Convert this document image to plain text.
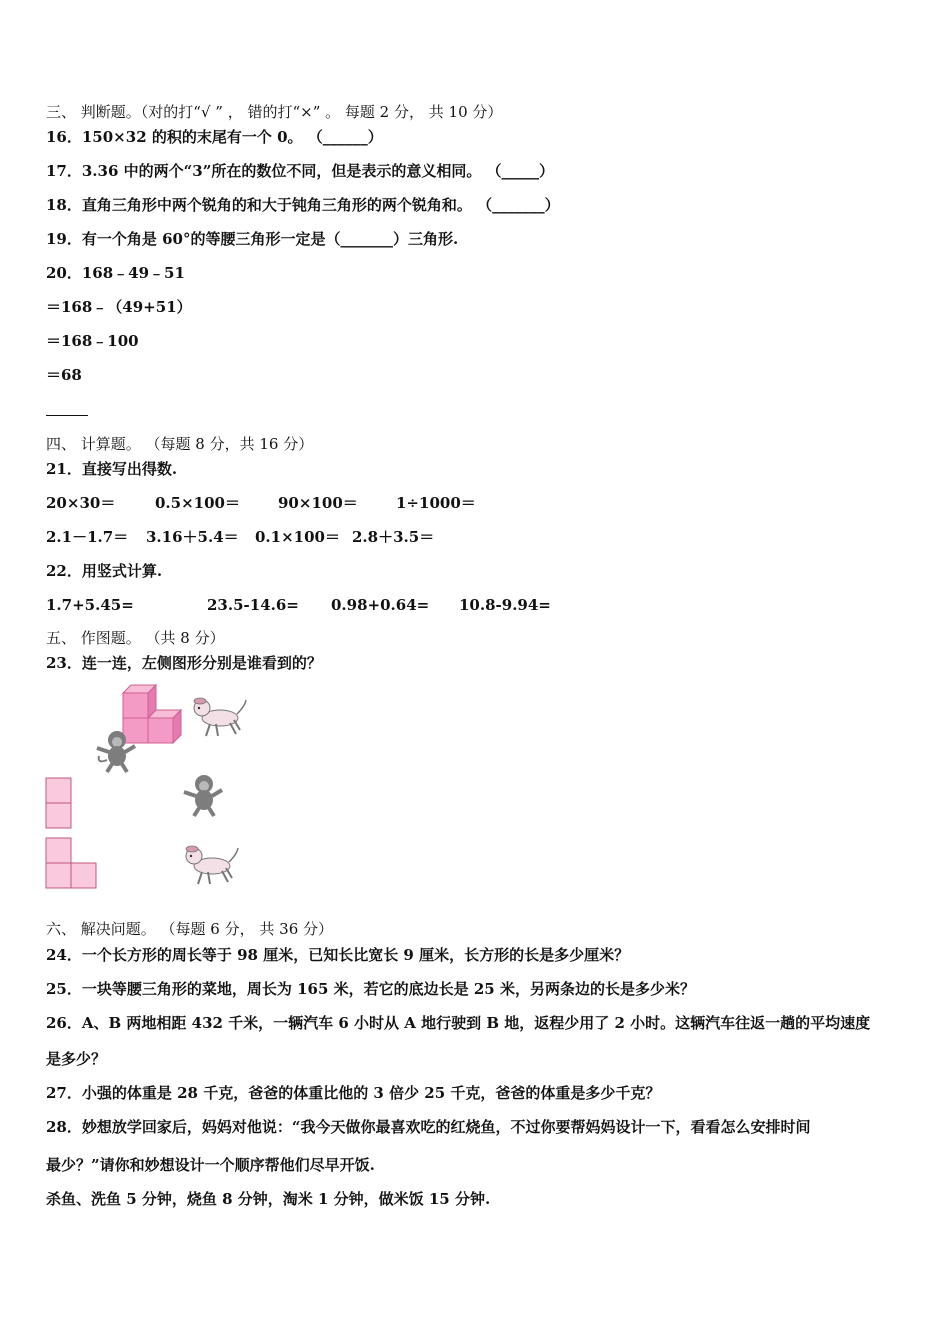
三、 判断题。（对的打“√ ” ， 错的打“×” 。 每题 2 分， 共 10 分）
16．150×32 的积的末尾有一个 0。 （______）
17．3.36 中的两个“3”所在的数位不同，但是表示的意义相同。 （_____）
18．直角三角形中两个锐角的和大于钝角三角形的两个锐角和。 （_______）
19．有一个角是 60°的等腰三角形一定是（_______）三角形.
20．168﹣49﹣51
＝168﹣（49+51）
＝168﹣100
＝68
四、 计算题。 （每题 8 分，共 16 分）
21．直接写出得数.
20×30＝	0.5×100＝	90×100＝	1÷1000＝
2.1－1.7＝ 3.16＋5.4＝ 0.1×100＝ 2.8＋3.5＝
22．用竖式计算.
1.7+5.45=	23.5-14.6= 0.98+0.64= 10.8-9.94=
五、 作图题。 （共 8 分）
23．连一连，左侧图形分别是谁看到的？
六、 解决问题。 （每题 6 分， 共 36 分）
24．一个长方形的周长等于 98 厘米，已知长比宽长 9 厘米，长方形的长是多少厘米？
25．一块等腰三角形的菜地，周长为 165 米，若它的底边长是 25 米，另两条边的长是多少米？
26．A、B 两地相距 432 千米，一辆汽车 6 小时从 A 地行驶到 B 地，返程少用了 2 小时。这辆汽车往返一趟的平均速度
是多少？
27．小强的体重是 28 千克，爸爸的体重比他的 3 倍少 25 千克，爸爸的体重是多少千克？
28．妙想放学回家后，妈妈对他说：“我今天做你最喜欢吃的红烧鱼，不过你要帮妈妈设计一下，看看怎么安排时间
最少？”请你和妙想设计一个顺序帮他们尽早开饭.
杀鱼、洗鱼 5 分钟，烧鱼 8 分钟，淘米 1 分钟，做米饭 15 分钟.
